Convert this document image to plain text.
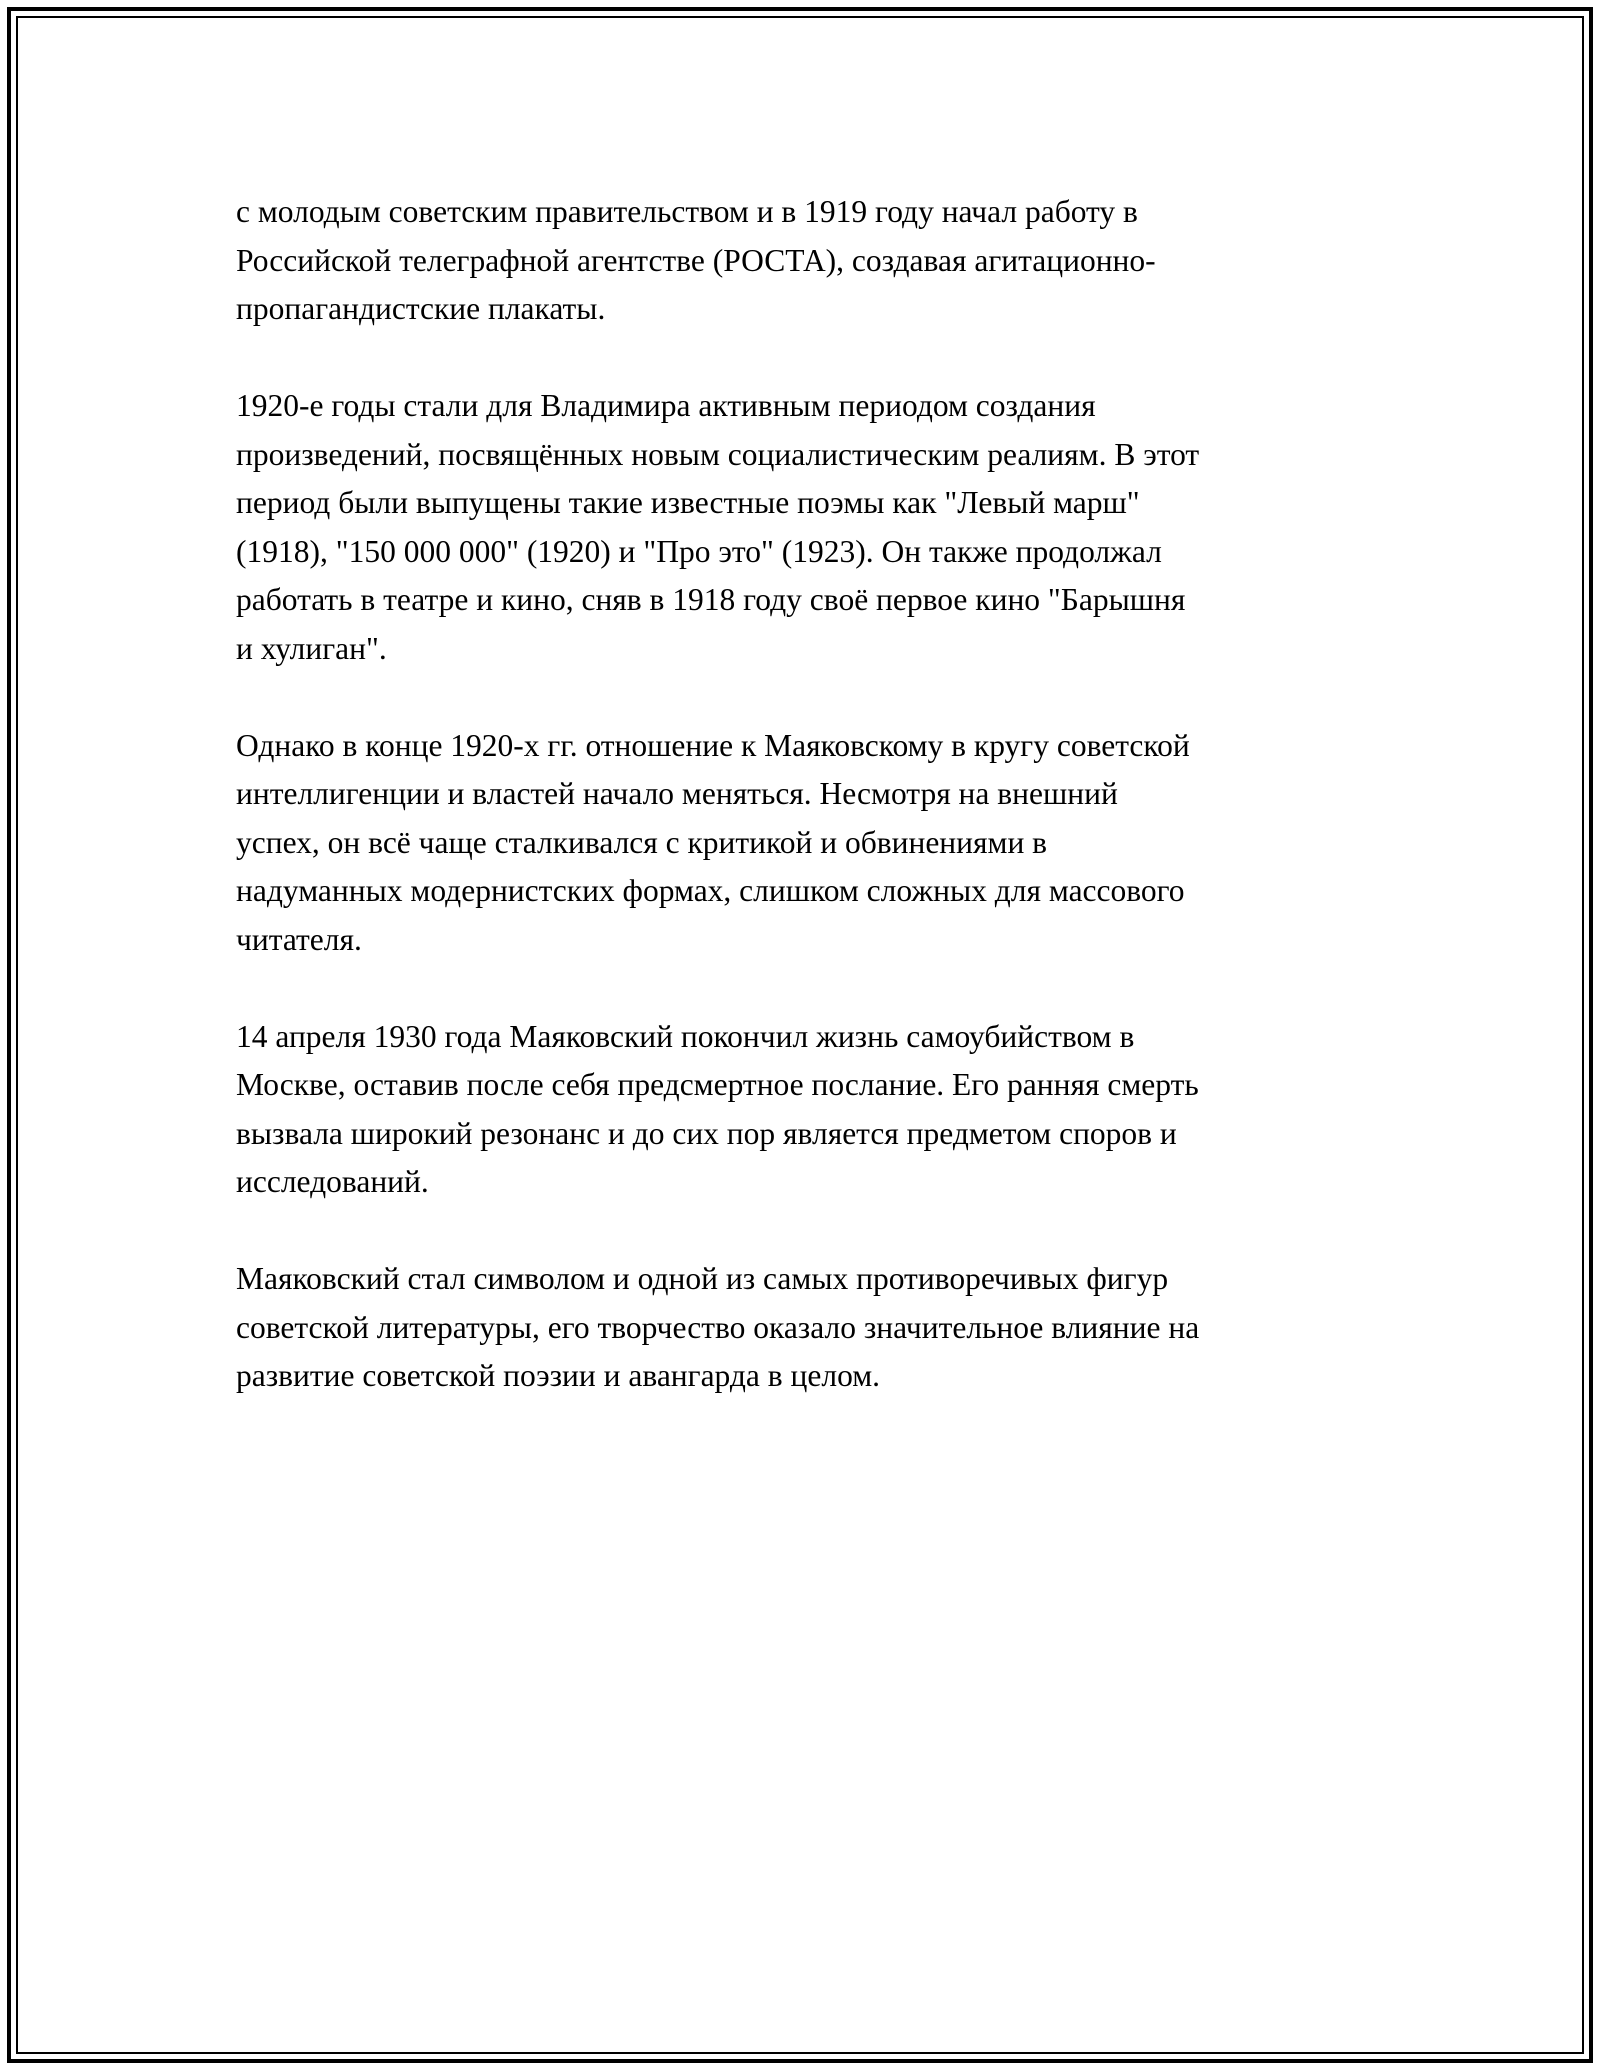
с молодым советским правительством и в 1919 году начал работу в
Российской телеграфной агентстве (РОСТА), создавая агитационно-
пропагандистские плакаты.

1920-е годы стали для Владимира активным периодом создания
произведений, посвящённых новым социалистическим реалиям. В этот
период были выпущены такие известные поэмы как "Левый марш"
(1918), "150 000 000" (1920) и "Про это" (1923). Он также продолжал
работать в театре и кино, сняв в 1918 году своё первое кино "Барышня
и хулиган".

Однако в конце 1920-х гг. отношение к Маяковскому в кругу советской
интеллигенции и властей начало меняться. Несмотря на внешний
успех, он всё чаще сталкивался с критикой и обвинениями в
надуманных модернистских формах, слишком сложных для массового
читателя.

14 апреля 1930 года Маяковский покончил жизнь самоубийством в
Москве, оставив после себя предсмертное послание. Его ранняя смерть
вызвала широкий резонанс и до сих пор является предметом споров и
исследований.

Маяковский стал символом и одной из самых противоречивых фигур
советской литературы, его творчество оказало значительное влияние на
развитие советской поэзии и авангарда в целом.
